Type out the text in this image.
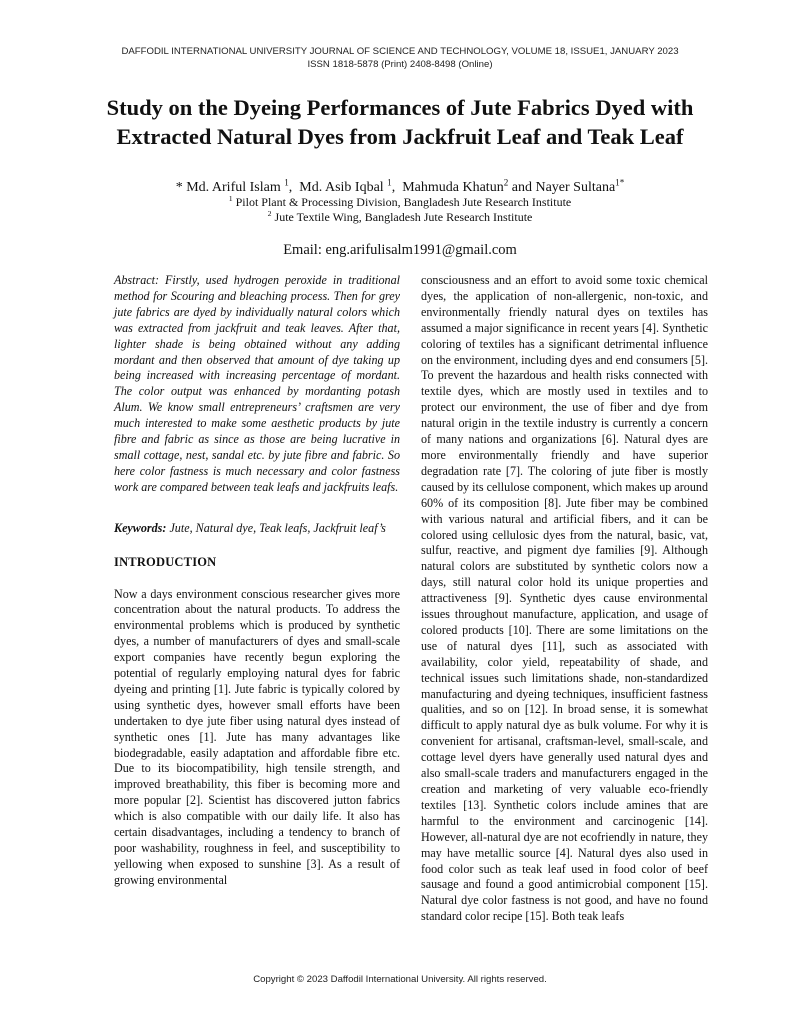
DAFFODIL INTERNATIONAL UNIVERSITY JOURNAL OF SCIENCE AND TECHNOLOGY, VOLUME 18, ISSUE1, JANUARY 2023
ISSN 1818-5878 (Print) 2408-8498 (Online)
Study on the Dyeing Performances of Jute Fabrics Dyed with
Extracted Natural Dyes from Jackfruit Leaf and Teak Leaf
* Md. Ariful Islam $^1$,  Md. Asib Iqbal $^1$,  Mahmuda Khatun$^2$ and Nayer Sultana$^{1*}$
$^1$ Pilot Plant & Processing Division, Bangladesh Jute Research Institute
$^2$ Jute Textile Wing, Bangladesh Jute Research Institute
Email: eng.arifulisalm1991@gmail.com

Abstract: Firstly, used hydrogen peroxide in traditional method for Scouring and bleaching process. Then for grey jute fabrics are dyed by individually natural colors which was extracted from jackfruit and teak leaves. After that, lighter shade is being obtained without any adding mordant and then observed that amount of dye taking up being increased with increasing percentage of mordant. The color output was enhanced by mordanting potash Alum. We know small entrepreneurs’ craftsmen are very much interested to make some aesthetic products by jute fibre and fabric as since as those are being lucrative in small cottage, nest, sandal etc. by jute fibre and fabric. So here color fastness is much necessary and color fastness work are compared between teak leafs and jackfruits leafs.

Keywords: Jute, Natural dye, Teak leafs, Jackfruit leaf’s

INTRODUCTION

Now a days environment conscious researcher gives more concentration about the natural products. To address the environmental problems which is produced by synthetic dyes, a number of manufacturers of dyes and small-scale export companies have recently begun exploring the potential of regularly employing natural dyes for fabric dyeing and printing [1]. Jute fabric is typically colored by using synthetic dyes, however small efforts have been undertaken to dye jute fiber using natural dyes instead of synthetic ones [1]. Jute has many advantages like biodegradable, easily adaptation and affordable fibre etc. Due to its biocompatibility, high tensile strength, and improved breathability, this fiber is becoming more and more popular [2]. Scientist has discovered jutton fabrics which is also compatible with our daily life. It also has certain disadvantages, including a tendency to branch of poor washability, roughness in feel, and susceptibility to yellowing when exposed to sunshine [3]. As a result of growing environmental

consciousness and an effort to avoid some toxic chemical dyes, the application of non-allergenic, non-toxic, and environmentally friendly natural dyes on textiles has assumed a major significance in recent years [4]. Synthetic coloring of textiles has a significant detrimental influence on the environment, including dyes and end consumers [5]. To prevent the hazardous and health risks connected with textile dyes, which are mostly used in textiles and to protect our environment, the use of fiber and dye from natural origin in the textile industry is currently a concern of many nations and organizations [6]. Natural dyes are more environmentally friendly and have superior degradation rate [7]. The coloring of jute fiber is mostly caused by its cellulose component, which makes up around 60% of its composition [8]. Jute fiber may be combined with various natural and artificial fibers, and it can be colored using cellulosic dyes from the natural, basic, vat, sulfur, reactive, and pigment dye families [9]. Although natural colors are substituted by synthetic colors now a days, still natural color hold its unique properties and attractiveness [9]. Synthetic dyes cause environmental issues throughout manufacture, application, and usage of colored products [10]. There are some limitations on the use of natural dyes [11], such as associated with availability, color yield, repeatability of shade, and technical issues such limitations shade, non-standardized manufacturing and dyeing techniques, insufficient fastness qualities, and so on [12]. In broad sense, it is somewhat difficult to apply natural dye as bulk volume. For why it is convenient for artisanal, craftsman-level, small-scale, and cottage level dyers have generally used natural dyes and also small-scale traders and manufacturers engaged in the creation and marketing of very valuable eco-friendly textiles [13]. Synthetic colors include amines that are harmful to the environment and carcinogenic [14]. However, all-natural dye are not ecofriendly in nature, they may have metallic source [4]. Natural dyes also used in food color such as teak leaf used in food color of beef sausage and found a good antimicrobial component [15]. Natural dye color fastness is not good, and have no found standard color recipe [15]. Both teak leafs

Copyright © 2023 Daffodil International University. All rights reserved.
